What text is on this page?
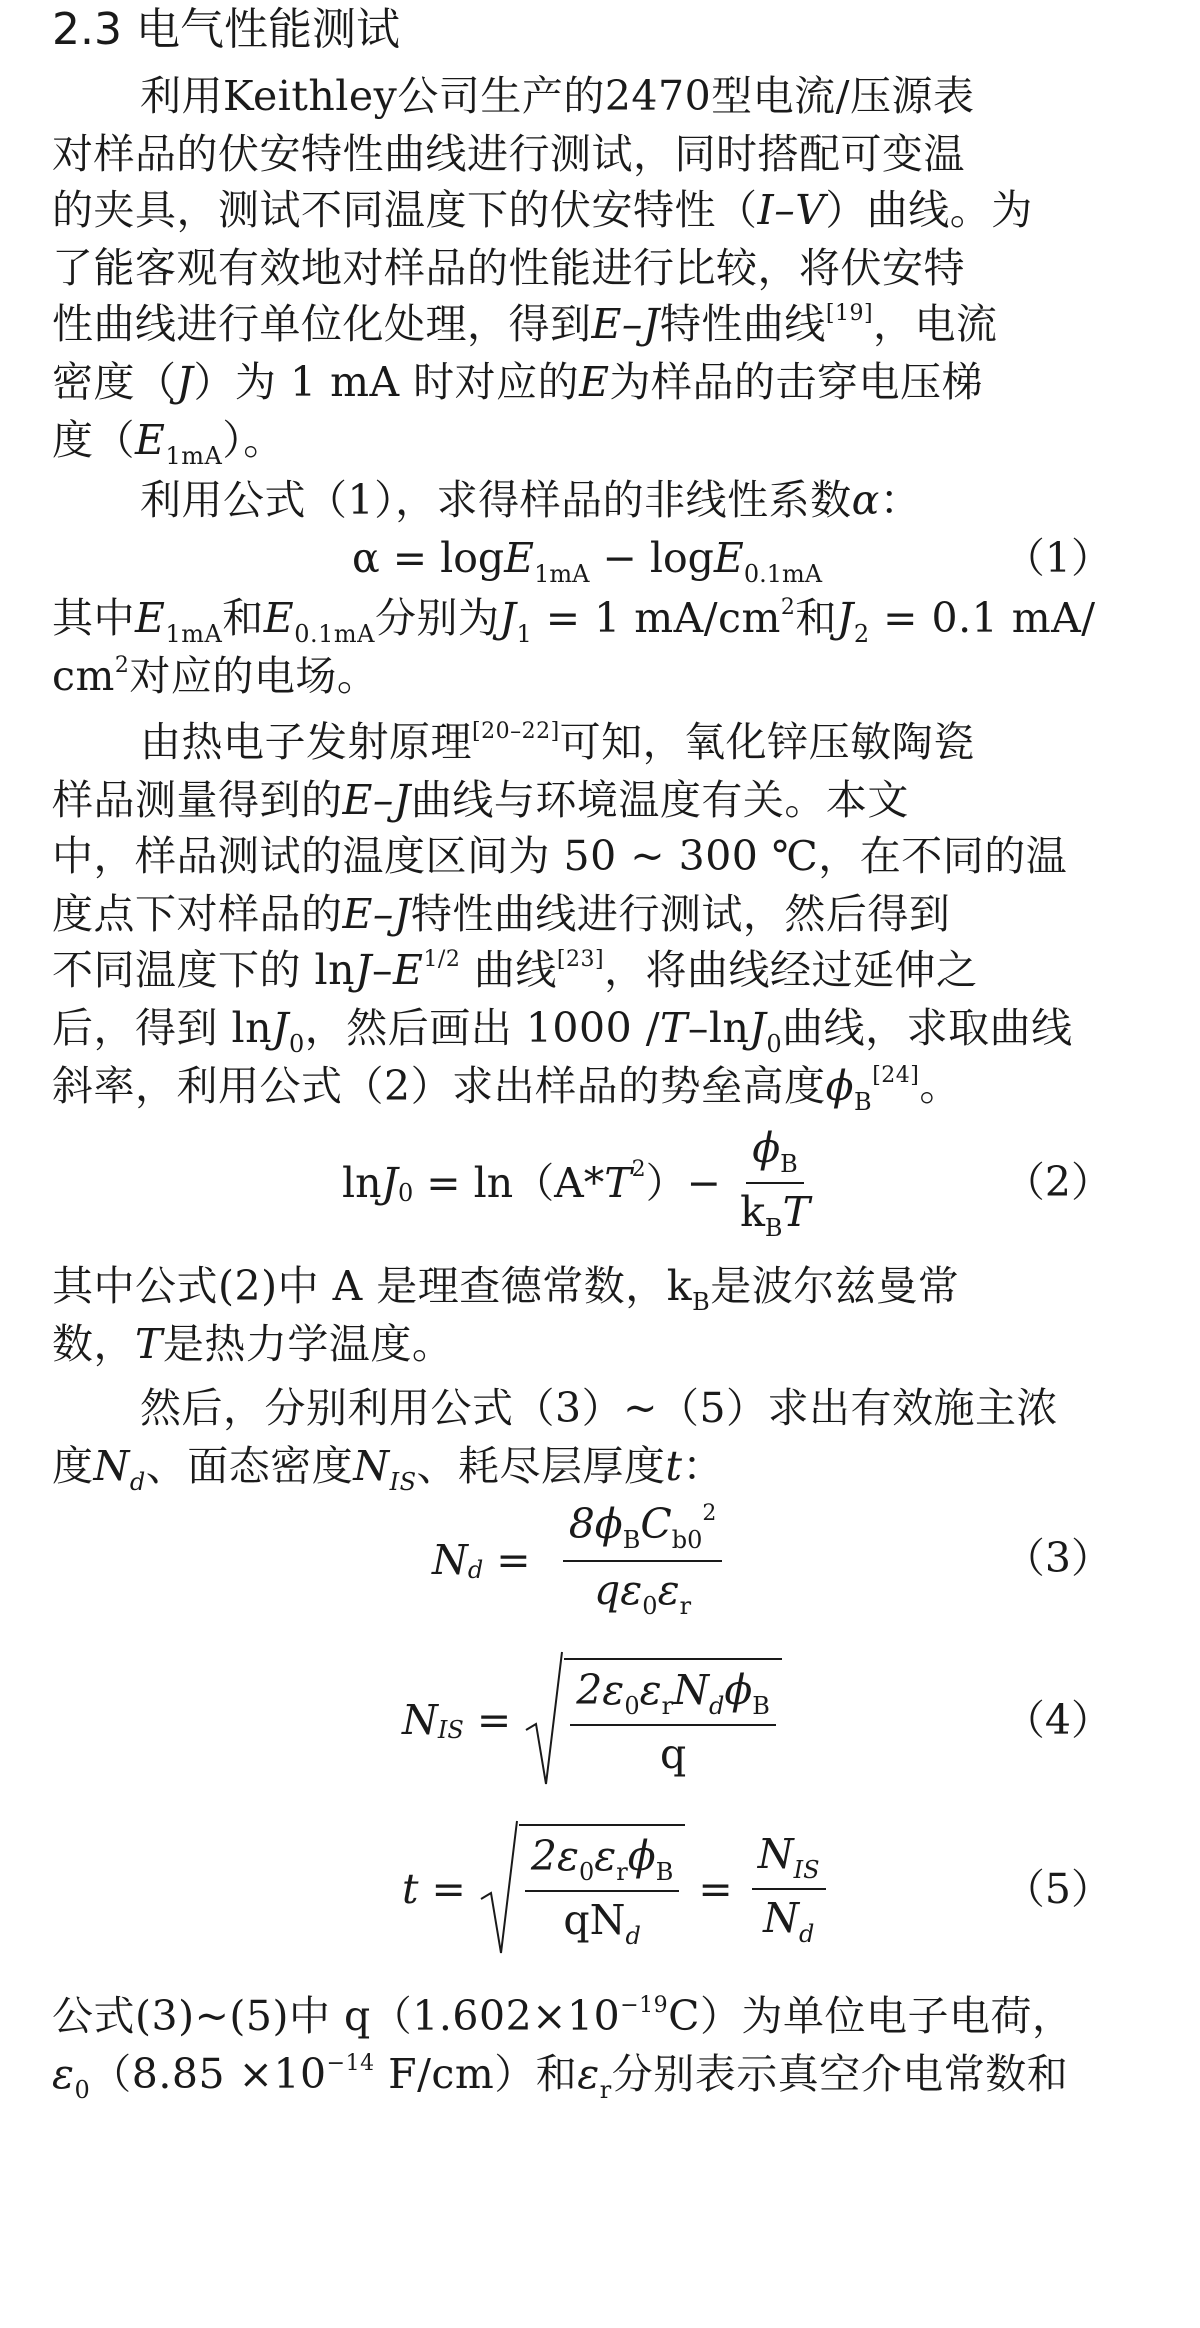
2.3 电气性能测试
利用Keithley公司生产的2470型电流/压源表
对样品的伏安特性曲线进行测试，同时搭配可变温
的夹具，测试不同温度下的伏安特性（I–V）曲线。为
了能客观有效地对样品的性能进行比较，将伏安特
性曲线进行单位化处理，得到E–J特性曲线[19]，电流
密度（J）为 1 mA 时对应的E为样品的击穿电压梯
度$(E_{1mA})$。
利用公式（1），求得样品的非线性系数α：
α = logE$_{1mA}$ − logE$_{0.1mA}$	（1）
其中$E_{1mA}$和$E_{0.1mA}$分别为$J_1 = 1$ $mA/cm^2$和$J_2 = 0.1$ mA/
$cm^2$对应的电场。
由热电子发射原理[20–22]可知，氧化锌压敏陶瓷
样品测量得到的E–J曲线与环境温度有关。本文
中，样品测试的温度区间为 50 ~ 300 ℃，在不同的温
度点下对样品的E–J特性曲线进行测试，然后得到
不同温度下的 lnJ–$E^{1/2}$ 曲线[23]，将曲线经过延伸之
后，得到 lnJ$_0$，然后画出 1000 /T–lnJ$_0$曲线，求取曲线
斜率，利用公式（2）求出样品的势垒高度$\phi_B[24]$。
$\ln J_0 = \ln(A*T^2)- \frac{\phi_B}{k_BT}$	（2）
其中公式(2)中 A 是理查德常数，$k_B$是波尔兹曼常
数，T是热力学温度。
然后，分别利用公式（3）~（5）求出有效施主浓
度$N_d$、面态密度$N_{IS}$、耗尽层厚度t：
$N_d = \frac{8\phi_BC_{b0}^2}{q\varepsilon_0\varepsilon_r}$	（3）
N IS = $\frac{2\varepsilon_0\varepsilon_rN_d\phi_B}{q}$	（4）
$t = \frac{2\varepsilon_0\varepsilon_r\phi_B}{qN_d} = \frac{N_{IS}}{N_d}$	（5）
公式(3)~(5)中 $q(1.602\times 10^{-19}C)$为单位电子电荷，
$\varepsilon_0(8.85 \times 10^{-14}$ F/cm）和$\varepsilon_r$分别表示真空介电常数和
